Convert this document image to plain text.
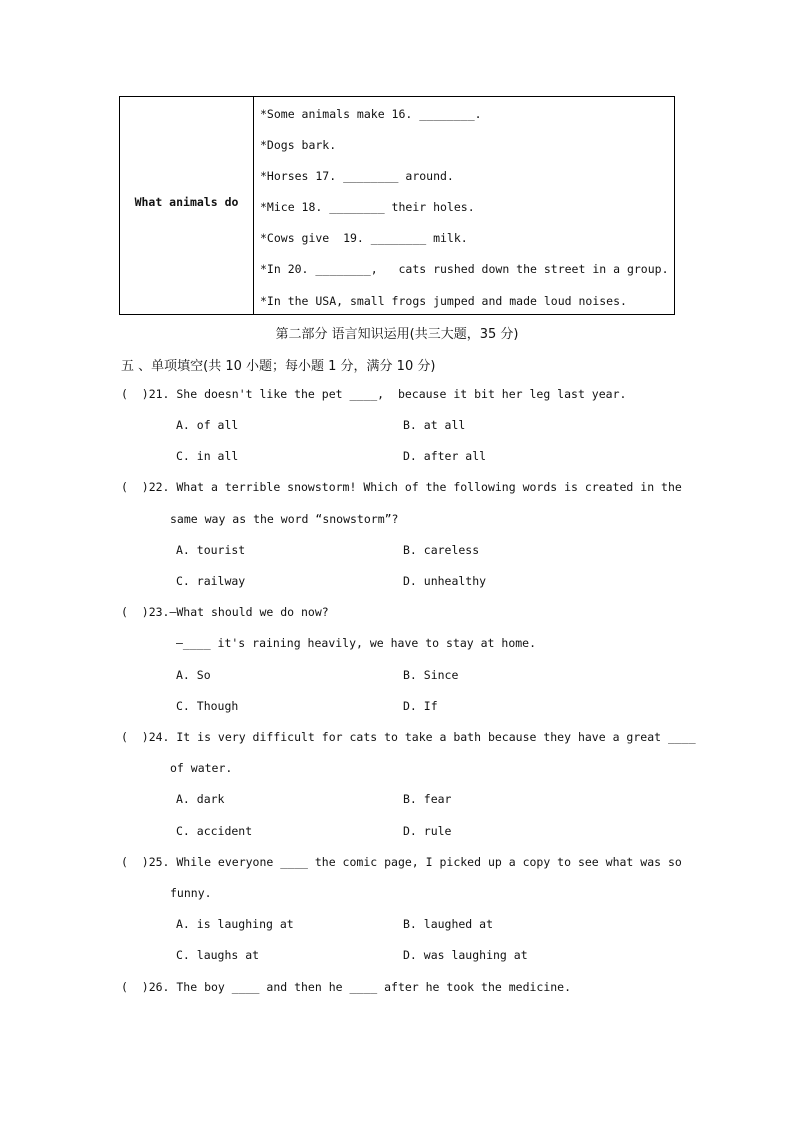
What animals do
*Some animals make 16. ________.
*Dogs bark.
*Horses 17. ________ around.
*Mice 18. ________ their holes.
*Cows give  19. ________ milk.
*In 20. ________,   cats rushed down the street in a group.
*In the USA, small frogs jumped and made loud noises.
第二部分 语言知识运用(共三大题，35 分)
五 、单项填空(共 10 小题；每小题 1 分，满分 10 分)
(  )21. She doesn't like the pet ____,  because it bit her leg last year.
A. of all	B. at all
C. in all	D. after all
(  )22. What a terrible snowstorm! Which of the following words is created in the
same way as the word “snowstorm”?
A. tourist	B. careless
C. railway	D. unhealthy
(  )23.—What should we do now?
—____ it's raining heavily, we have to stay at home.
A. So	B. Since
C. Though	D. If
(  )24. It is very difficult for cats to take a bath because they have a great ____
of water.
A. dark	B. fear
C. accident	D. rule
(  )25. While everyone ____ the comic page, I picked up a copy to see what was so
funny.
A. is laughing at	B. laughed at
C. laughs at	D. was laughing at
(  )26. The boy ____ and then he ____ after he took the medicine.
